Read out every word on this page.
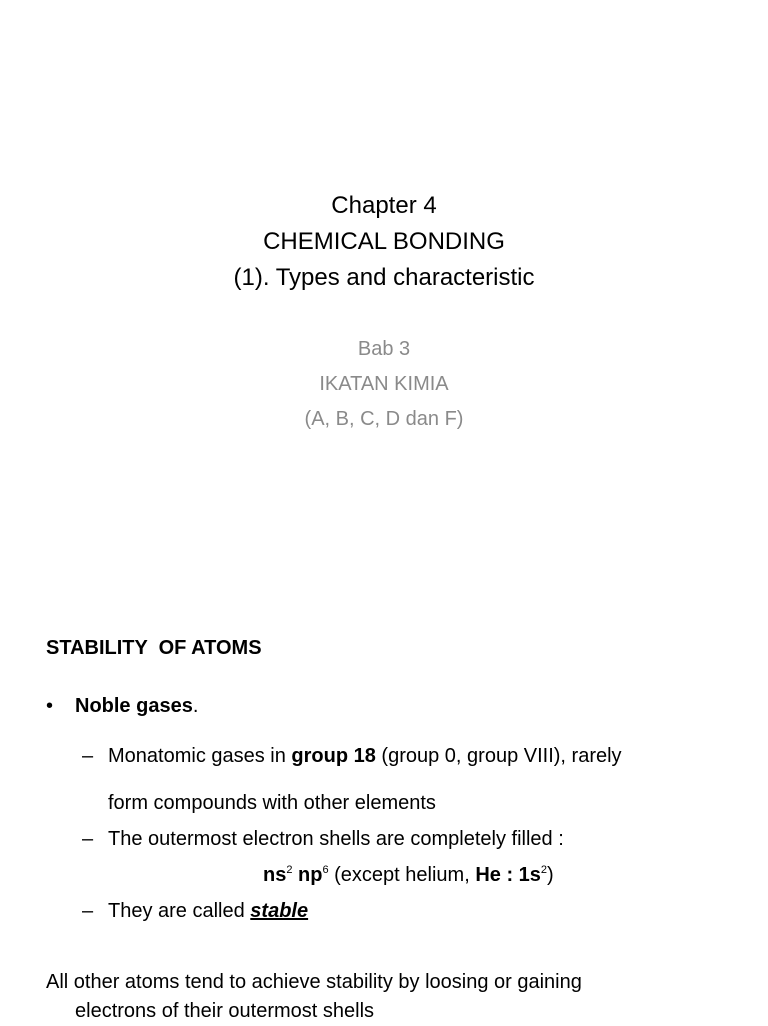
Chapter 4
CHEMICAL BONDING
(1). Types and characteristic
Bab 3
IKATAN KIMIA
(A, B, C, D dan F)
STABILITY  OF ATOMS
• Noble gases.
– Monatomic gases in group 18 (group 0, group VIII), rarely
form compounds with other elements
– The outermost electron shells are completely filled :
$ns^2$ $np^6$ (except helium, He : $1s^2$)
– They are called stable
All other atoms tend to achieve stability by loosing or gaining
electrons of their outermost shells
